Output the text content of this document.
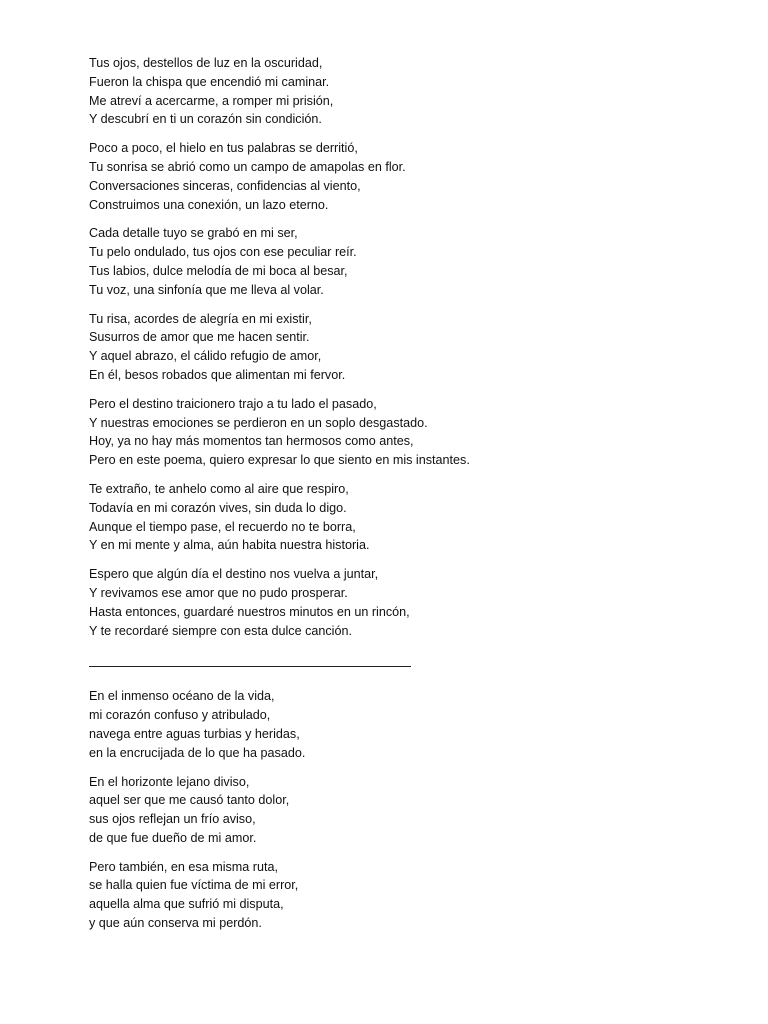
Tus ojos, destellos de luz en la oscuridad,
Fueron la chispa que encendió mi caminar.
Me atreví a acercarme, a romper mi prisión,
Y descubrí en ti un corazón sin condición.
Poco a poco, el hielo en tus palabras se derritió,
Tu sonrisa se abrió como un campo de amapolas en flor.
Conversaciones sinceras, confidencias al viento,
Construimos una conexión, un lazo eterno.
Cada detalle tuyo se grabó en mi ser,
Tu pelo ondulado, tus ojos con ese peculiar reír.
Tus labios, dulce melodía de mi boca al besar,
Tu voz, una sinfonía que me lleva al volar.
Tu risa, acordes de alegría en mi existir,
Susurros de amor que me hacen sentir.
Y aquel abrazo, el cálido refugio de amor,
En él, besos robados que alimentan mi fervor.
Pero el destino traicionero trajo a tu lado el pasado,
Y nuestras emociones se perdieron en un soplo desgastado.
Hoy, ya no hay más momentos tan hermosos como antes,
Pero en este poema, quiero expresar lo que siento en mis instantes.
Te extraño, te anhelo como al aire que respiro,
Todavía en mi corazón vives, sin duda lo digo.
Aunque el tiempo pase, el recuerdo no te borra,
Y en mi mente y alma, aún habita nuestra historia.
Espero que algún día el destino nos vuelva a juntar,
Y revivamos ese amor que no pudo prosperar.
Hasta entonces, guardaré nuestros minutos en un rincón,
Y te recordaré siempre con esta dulce canción.
En el inmenso océano de la vida,
mi corazón confuso y atribulado,
navega entre aguas turbias y heridas,
en la encrucijada de lo que ha pasado.
En el horizonte lejano diviso,
aquel ser que me causó tanto dolor,
sus ojos reflejan un frío aviso,
de que fue dueño de mi amor.
Pero también, en esa misma ruta,
se halla quien fue víctima de mi error,
aquella alma que sufrió mi disputa,
y que aún conserva mi perdón.
